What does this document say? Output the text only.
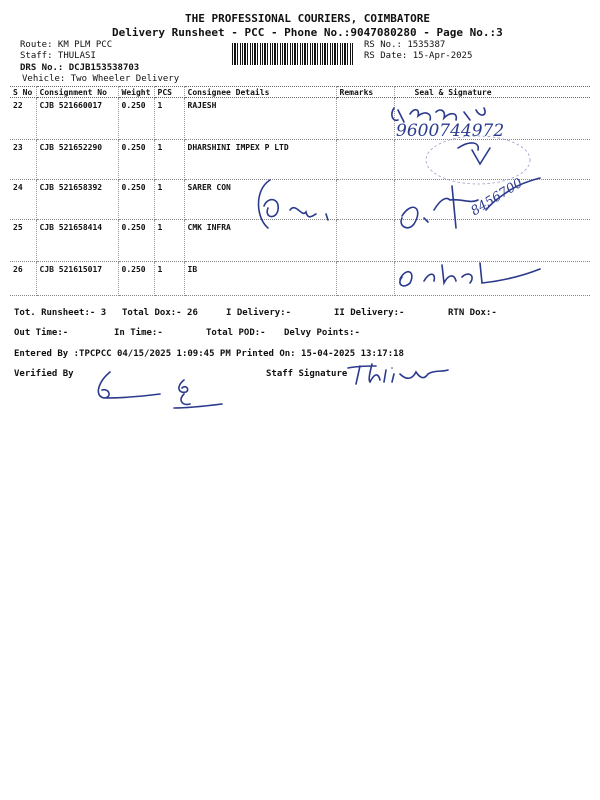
THE PROFESSIONAL COURIERS, COIMBATORE
Delivery Runsheet - PCC - Phone No.:9047080280 - Page No.:3
Route: KM PLM PCC
Staff: THULASI
DRS No.: DCJB153538703
Vehicle: Two Wheeler Delivery
RS No.: 1535387
RS Date: 15-Apr-2025
S No	Consignment No	Weight	PCS	Consignee Details	Remarks	Seal & Signature
22	CJB 521660017	0.250	1	RAJESH		
23	CJB 521652290	0.250	1	DHARSHINI IMPEX P LTD		
24	CJB 521658392	0.250	1	SARER CON		
25	CJB 521658414	0.250	1	CMK INFRA		
26	CJB 521615017	0.250	1	IB		
9600744972
8456700
Tot. Runsheet:- 3 Total Dox:- 26	I Delivery:-	II Delivery:-	RTN Dox:-
Out Time:-	In Time:-	Total POD:- Delvy Points:-
Entered By :TPCPCC 04/15/2025 1:09:45 PM Printed On: 15-04-2025 13:17:18
Verified By	Staff Signature
